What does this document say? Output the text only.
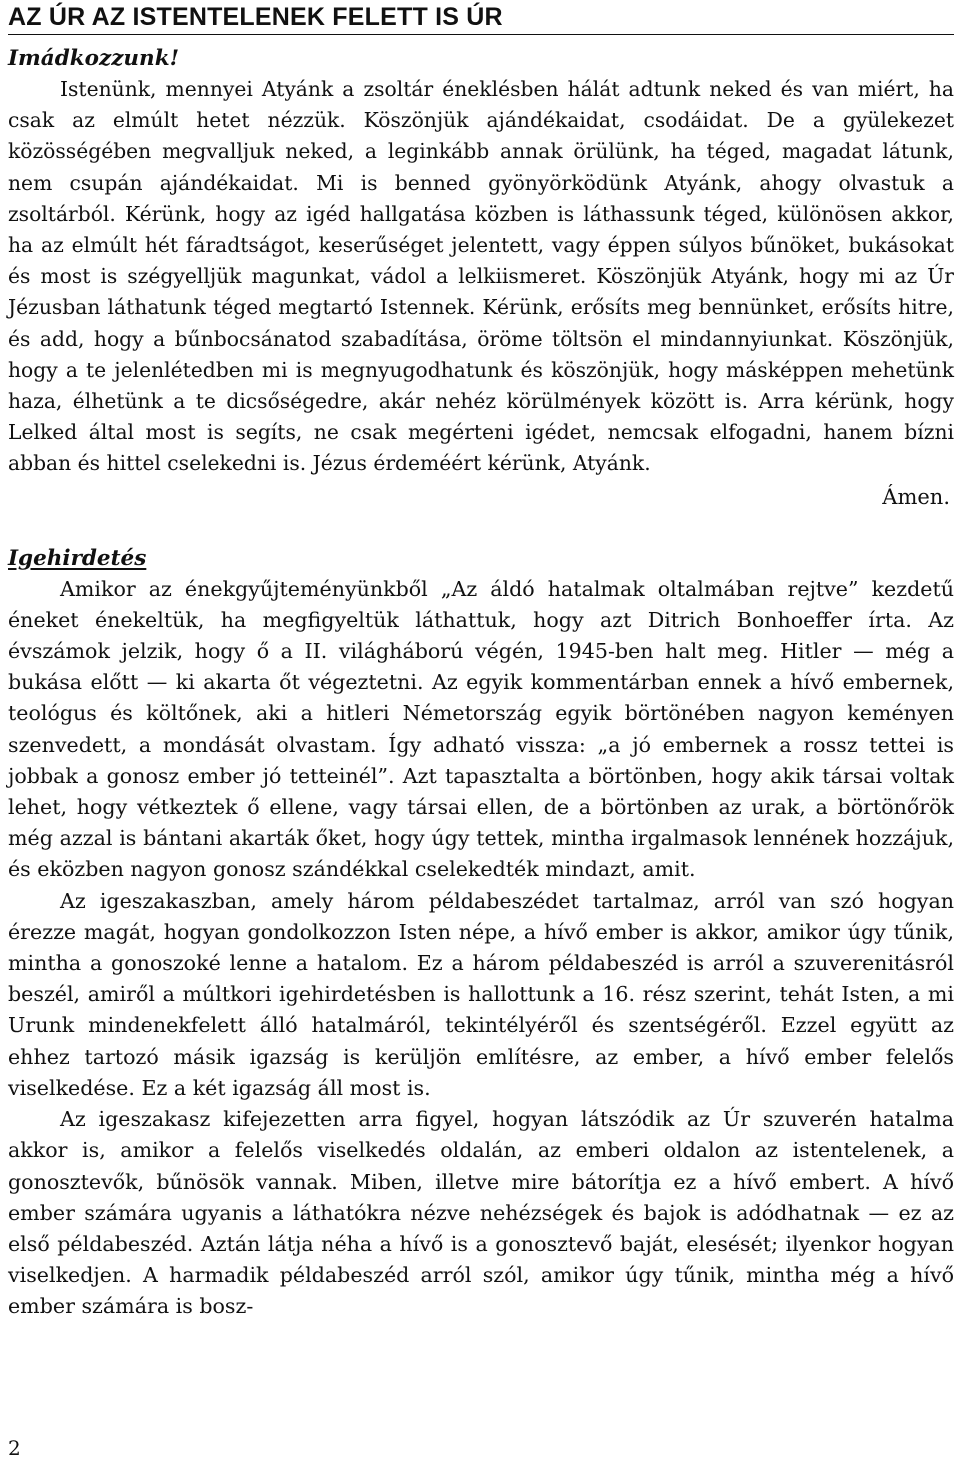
AZ ÚR AZ ISTENTELENEK FELETT IS ÚR
Imádkozzunk!

Istenünk, mennyei Atyánk a zsoltár éneklésben hálát adtunk neked és van miért, ha csak az elmúlt hetet nézzük. Köszönjük ajándékaidat, csodáidat. De a gyülekezet közösségében megvalljuk neked, a leginkább annak örülünk, ha téged, magadat látunk, nem csupán ajándékaidat. Mi is benned gyönyörködünk Atyánk, ahogy olvastuk a zsoltárból. Kérünk, hogy az igéd hallgatása közben is láthassunk téged, különösen akkor, ha az elmúlt hét fáradtságot, keserűséget jelentett, vagy éppen súlyos bűnöket, bukásokat és most is szégyelljük magunkat, vádol a lelkiismeret. Köszönjük Atyánk, hogy mi az Úr Jézusban láthatunk téged megtartó Istennek. Kérünk, erősíts meg bennünket, erősíts hitre, és add, hogy a bűnbocsánatod szabadítása, öröme töltsön el mindannyiunkat. Köszönjük, hogy a te jelenlétedben mi is megnyugodhatunk és köszönjük, hogy másképpen mehetünk haza, élhetünk a te dicsőségedre, akár nehéz körülmények között is. Arra kérünk, hogy Lelked által most is segíts, ne csak megérteni igédet, nemcsak elfogadni, hanem bízni abban és hittel cselekedni is. Jézus érdeméért kérünk, Atyánk.

Ámen.

Igehirdetés

Amikor az énekgyűjteményünkből „Az áldó hatalmak oltalmában rejtve” kezdetű éneket énekeltük, ha megfigyeltük láthattuk, hogy azt Ditrich Bonhoeffer írta. Az évszámok jelzik, hogy ő a II. világháború végén, 1945-ben halt meg. Hitler — még a bukása előtt — ki akarta őt végeztetni. Az egyik kommentárban ennek a hívő embernek, teológus és költőnek, aki a hitleri Németország egyik börtönében nagyon keményen szenvedett, a mondását olvastam. Így adható vissza: „a jó embernek a rossz tettei is jobbak a gonosz ember jó tetteinél”. Azt tapasztalta a börtönben, hogy akik társai voltak lehet, hogy vétkeztek ő ellene, vagy társai ellen, de a börtönben az urak, a börtönőrök még azzal is bántani akarták őket, hogy úgy tettek, mintha irgalmasok lennének hozzájuk, és eközben nagyon gonosz szándékkal cselekedték mindazt, amit.

Az igeszakaszban, amely három példabeszédet tartalmaz, arról van szó hogyan érezze magát, hogyan gondolkozzon Isten népe, a hívő ember is akkor, amikor úgy tűnik, mintha a gonoszoké lenne a hatalom. Ez a három példabeszéd is arról a szuverenitásról beszél, amiről a múltkori igehirdetésben is hallottunk a 16. rész szerint, tehát Isten, a mi Urunk mindenekfelett álló hatalmáról, tekintélyéről és szentségéről. Ezzel együtt az ehhez tartozó másik igazság is kerüljön említésre, az ember, a hívő ember felelős viselkedése. Ez a két igazság áll most is.

Az igeszakasz kifejezetten arra figyel, hogyan látszódik az Úr szuverén hatalma akkor is, amikor a felelős viselkedés oldalán, az emberi oldalon az istentelenek, a gonosztevők, bűnösök vannak. Miben, illetve mire bátorítja ez a hívő embert. A hívő ember számára ugyanis a láthatókra nézve nehézségek és bajok is adódhatnak — ez az első példabeszéd. Aztán látja néha a hívő is a gonosztevő baját, elesését; ilyenkor hogyan viselkedjen. A harmadik példabeszéd arról szól, amikor úgy tűnik, mintha még a hívő ember számára is bosz-

2
